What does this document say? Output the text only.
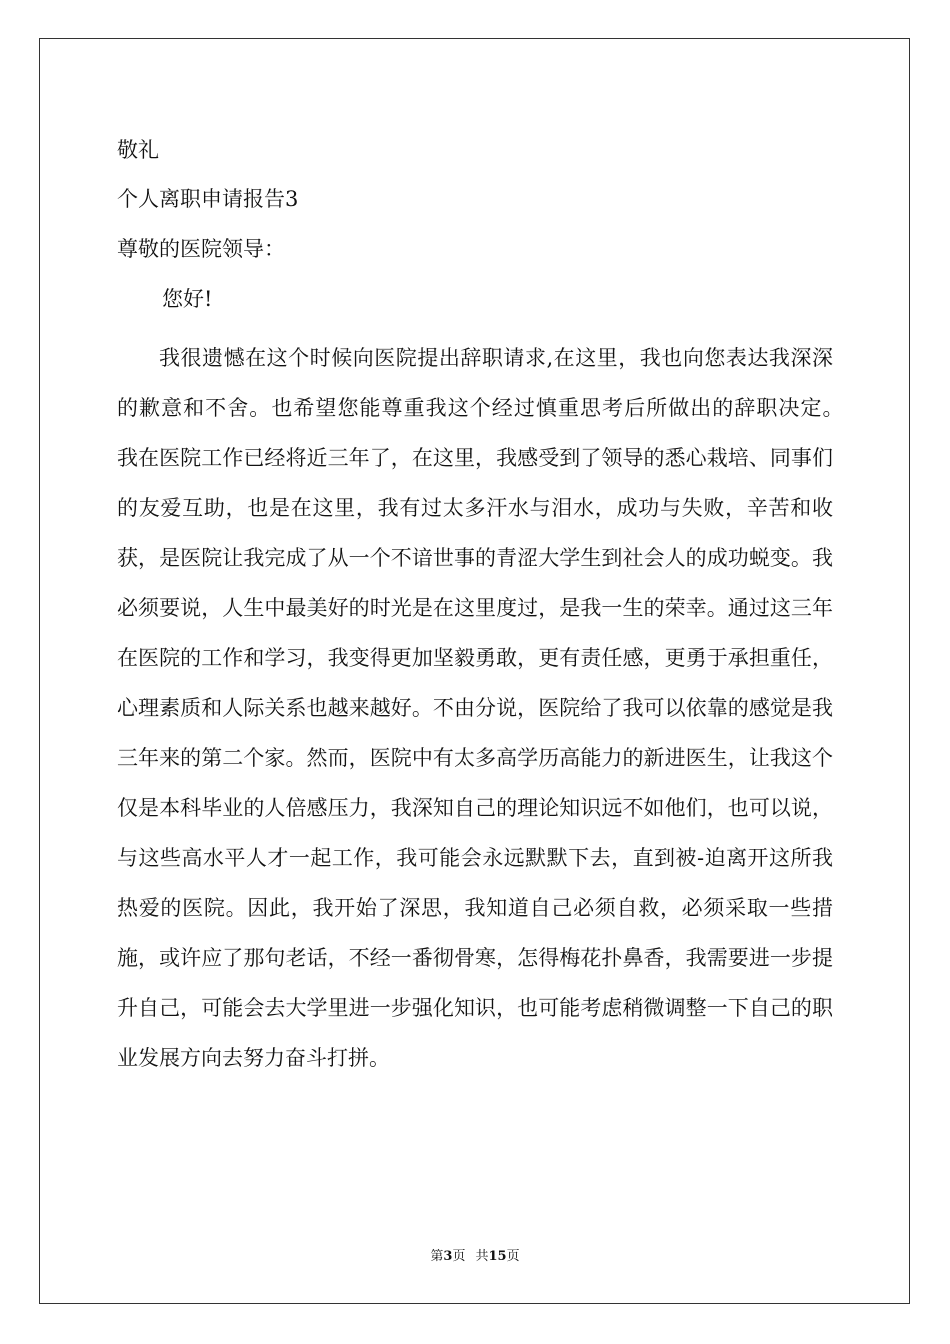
敬礼
个人离职申请报告3
尊敬的医院领导：
您好!
我很遗憾在这个时候向医院提出辞职请求,在这里，我也向您表达我深深的歉意和不舍。也希望您能尊重我这个经过慎重思考后所做出的辞职决定。　　我在医院工作已经将近三年了，在这里，我感受到了领导的悉心栽培、同事们的友爱互助，也是在这里，我有过太多汗水与泪水，成功与失败，辛苦和收获，是医院让我完成了从一个不谙世事的青涩大学生到社会人的成功蜕变。我必须要说，人生中最美好的时光是在这里度过，是我一生的荣幸。通过这三年在医院的工作和学习，我变得更加坚毅勇敢，更有责任感，更勇于承担重任，心理素质和人际关系也越来越好。不由分说，医院给了我可以依靠的感觉是我三年来的第二个家。然而，医院中有太多高学历高能力的新进医生，让我这个仅是本科毕业的人倍感压力，我深知自己的理论知识远不如他们，也可以说，与这些高水平人才一起工作，我可能会永远默默下去，直到被-迫离开这所我热爱的医院。因此，我开始了深思，我知道自己必须自救，必须采取一些措施，或许应了那句老话，不经一番彻骨寒，怎得梅花扑鼻香，我需要进一步提升自己，可能会去大学里进一步强化知识，也可能考虑稍微调整一下自己的职业发展方向去努力奋斗打拼。
第3页 共15页
